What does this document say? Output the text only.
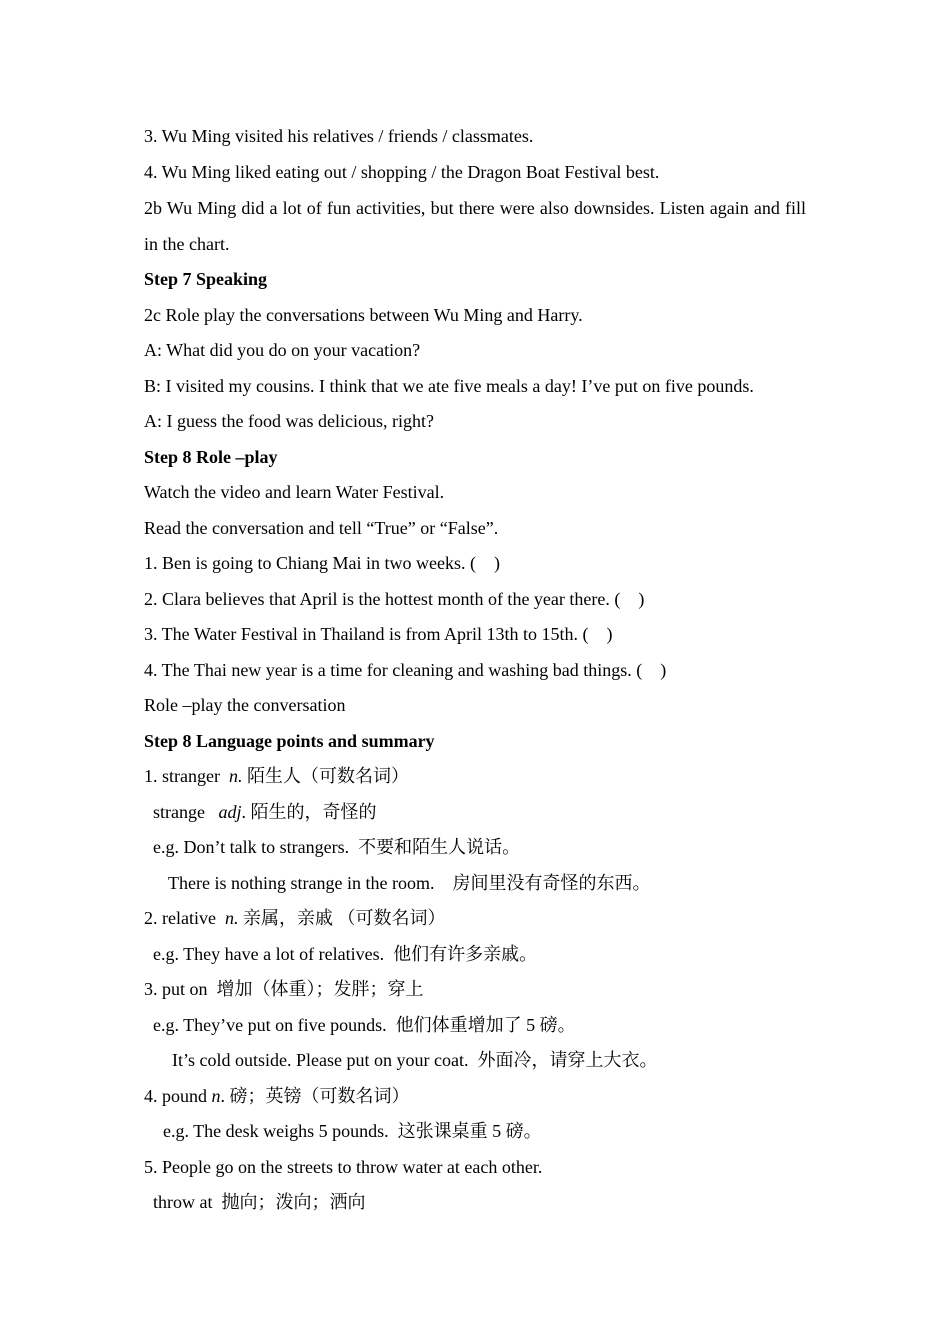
3. Wu Ming visited his relatives / friends / classmates.
4. Wu Ming liked eating out / shopping / the Dragon Boat Festival best.
2b Wu Ming did a lot of fun activities, but there were also downsides. Listen again and fill in the chart.
Step 7 Speaking
2c Role play the conversations between Wu Ming and Harry.
A: What did you do on your vacation?
B: I visited my cousins. I think that we ate five meals a day! I’ve put on five pounds.
A: I guess the food was delicious, right?
Step 8 Role –play
Watch the video and learn Water Festival.
Read the conversation and tell “True” or “False”.
1. Ben is going to Chiang Mai in two weeks. (    )
2. Clara believes that April is the hottest month of the year there. (    )
3. The Water Festival in Thailand is from April 13th to 15th. (    )
4. The Thai new year is a time for cleaning and washing bad things. (    )
Role –play the conversation
Step 8 Language points and summary
1. stranger  n. 陌生人（可数名词）
strange   adj. 陌生的，奇怪的
e.g. Don’t talk to strangers.  不要和陌生人说话。
There is nothing strange in the room.    房间里没有奇怪的东西。
2. relative  n. 亲属，亲戚 （可数名词）
e.g. They have a lot of relatives.  他们有许多亲戚。
3. put on  增加（体重）；发胖；穿上
e.g. They’ve put on five pounds.  他们体重增加了 5 磅。
It’s cold outside. Please put on your coat.  外面冷，请穿上大衣。
4. pound n. 磅；英镑（可数名词）
e.g. The desk weighs 5 pounds.  这张课桌重 5 磅。
5. People go on the streets to throw water at each other.
throw at  抛向；泼向；洒向
